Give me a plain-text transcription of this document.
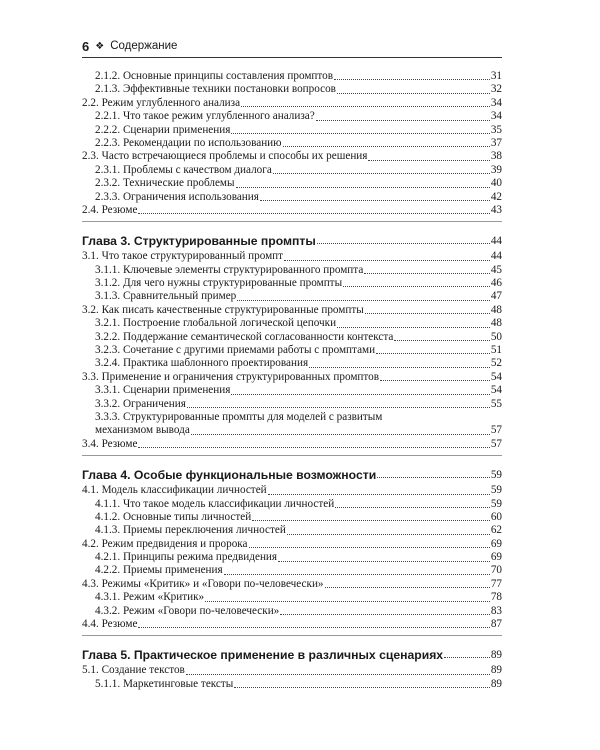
6 ❖ Содержание
2.1.2. Основные принципы составления промптов	31
2.1.3. Эффективные техники постановки вопросов	32
2.2. Режим углубленного анализа	34
2.2.1. Что такое режим углубленного анализа?	34
2.2.2. Сценарии применения	35
2.2.3. Рекомендации по использованию	37
2.3. Часто встречающиеся проблемы и способы их решения	38
2.3.1. Проблемы с качеством диалога	39
2.3.2. Технические проблемы	40
2.3.3. Ограничения использования	42
2.4. Резюме	43
Глава 3. Структурированные промпты	44
3.1. Что такое структурированный промпт	44
3.1.1. Ключевые элементы структурированного промпта	45
3.1.2. Для чего нужны структурированные промпты	46
3.1.3. Сравнительный пример	47
3.2. Как писать качественные структурированные промпты	48
3.2.1. Построение глобальной логической цепочки	48
3.2.2. Поддержание семантической согласованности контекста	50
3.2.3. Сочетание с другими приемами работы с промптами	51
3.2.4. Практика шаблонного проектирования	52
3.3. Применение и ограничения структурированных промптов	54
3.3.1. Сценарии применения	54
3.3.2. Ограничения	55
3.3.3. Структурированные промпты для моделей с развитым
механизмом вывода	57
3.4. Резюме	57
Глава 4. Особые функциональные возможности	59
4.1. Модель классификации личностей	59
4.1.1. Что такое модель классификации личностей	59
4.1.2. Основные типы личностей	60
4.1.3. Приемы переключения личностей	62
4.2. Режим предвидения и пророка	69
4.2.1. Принципы режима предвидения	69
4.2.2. Приемы применения	70
4.3. Режимы «Критик» и «Говори по-человечески»	77
4.3.1. Режим «Критик»	78
4.3.2. Режим «Говори по-человечески»	83
4.4. Резюме	87
Глава 5. Практическое применение в различных сценариях	89
5.1. Создание текстов	89
5.1.1. Маркетинговые тексты	89
